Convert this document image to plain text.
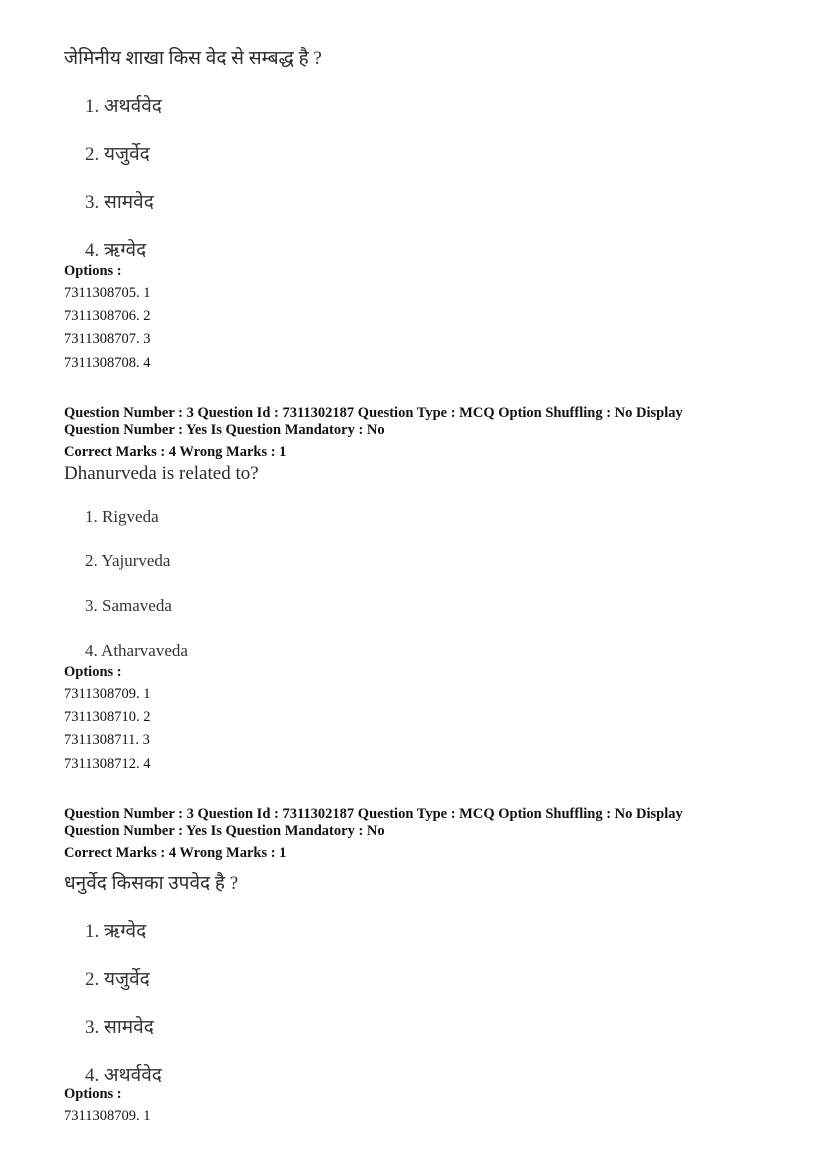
जेमिनीय शाखा किस वेद से सम्बद्ध है ?
1. अथर्ववेद
2. यजुर्वेद
3. सामवेद
4. ऋग्वेद
Options :
7311308705. 1
7311308706. 2
7311308707. 3
7311308708. 4
Question Number : 3 Question Id : 7311302187 Question Type : MCQ Option Shuffling : No Display
Question Number : Yes Is Question Mandatory : No
Correct Marks : 4 Wrong Marks : 1
Dhanurveda is related to?
1. Rigveda
2. Yajurveda
3. Samaveda
4. Atharvaveda
Options :
7311308709. 1
7311308710. 2
7311308711. 3
7311308712. 4
Question Number : 3 Question Id : 7311302187 Question Type : MCQ Option Shuffling : No Display
Question Number : Yes Is Question Mandatory : No
Correct Marks : 4 Wrong Marks : 1
धनुर्वेद किसका उपवेद है ?
1. ऋग्वेद
2. यजुर्वेद
3. सामवेद
4. अथर्ववेद
Options :
7311308709. 1
